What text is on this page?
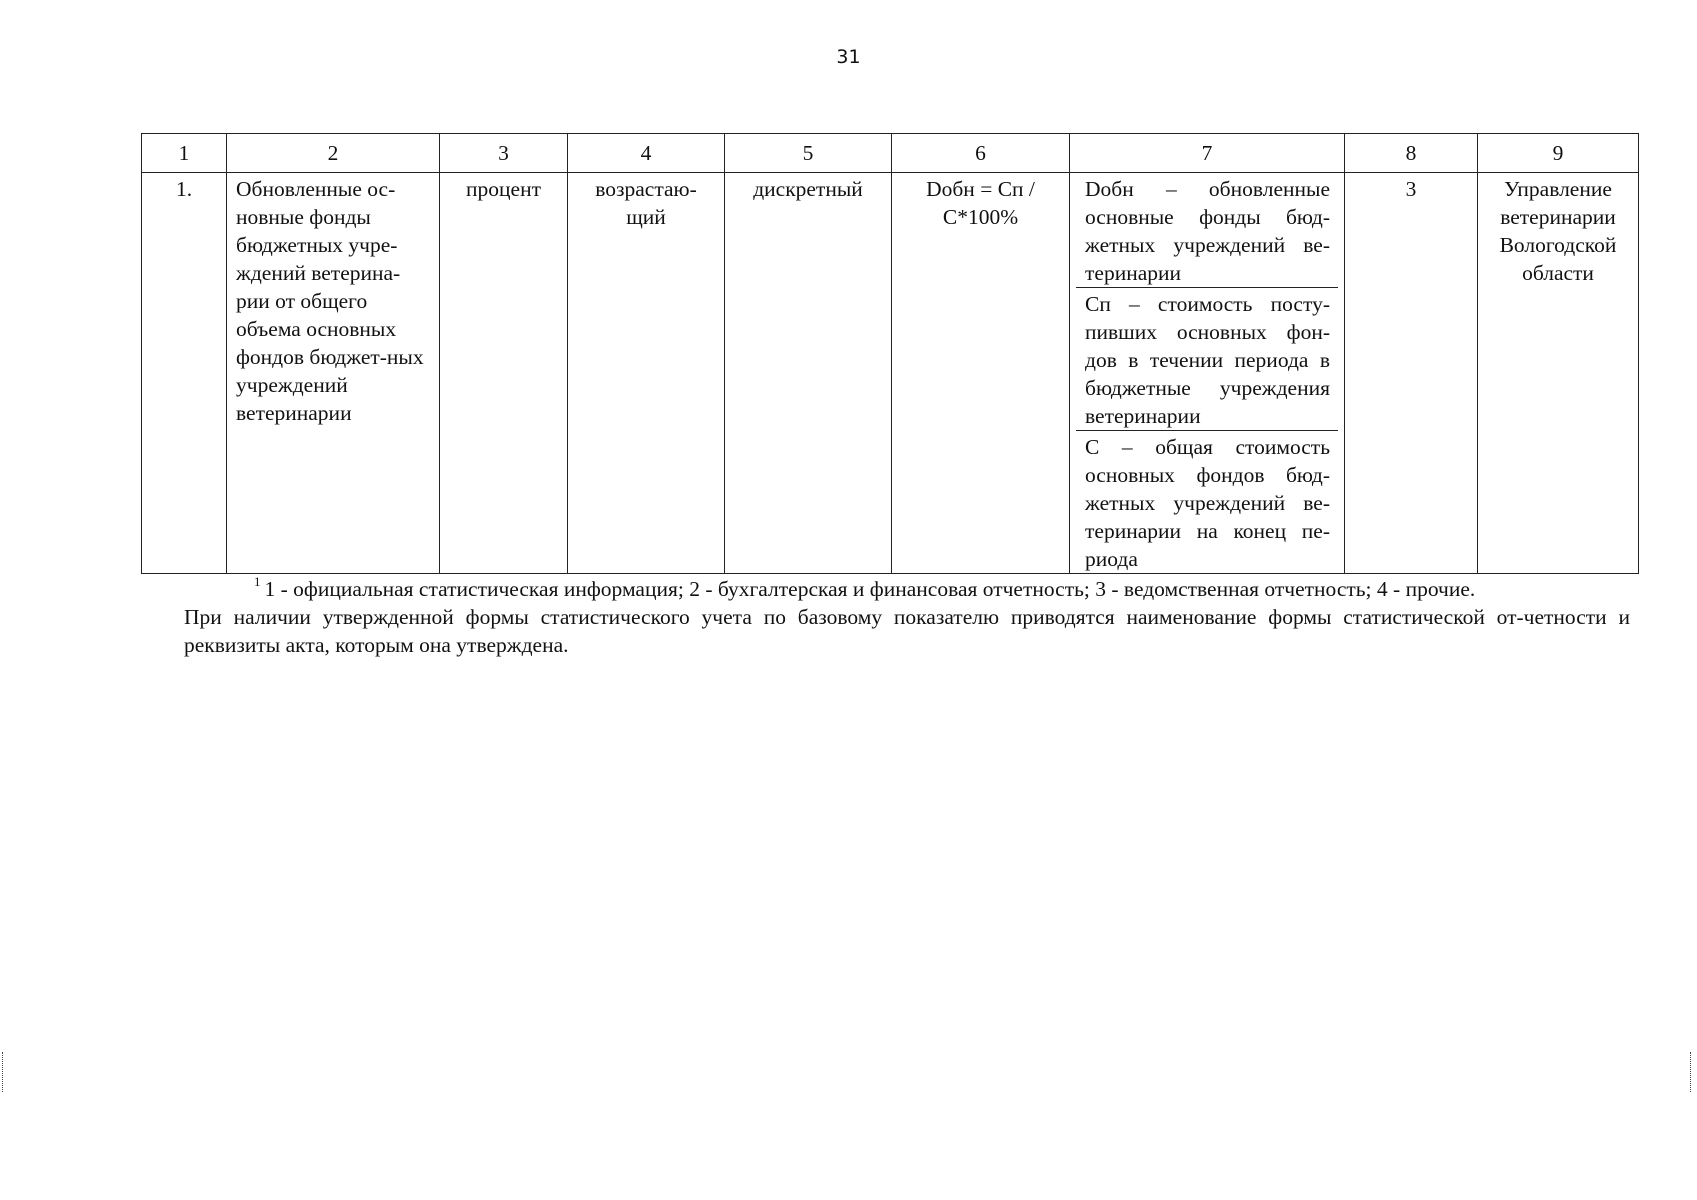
31
1	2	3	4	5	6	7	8	9
1.	Обновленные ос-новные фонды бюджетных учре-ждений ветерина-рии от общего объема основных фондов бюджет-ных учреждений ветеринарии	процент	возрастаю-щий	дискретный	Dобн = Сп / С*100%	Dобн – обновленные основные фонды бюд-жетных учреждений ве-теринарии
Сп – стоимость посту-пивших основных фон-дов в течении периода в бюджетные учреждения ветеринарии
С – общая стоимость основных фондов бюд-жетных учреждений ве-теринарии на конец пе-риода	3	Управление ветеринарии Вологодской области
$^1$ 1 - официальная статистическая информация; 2 - бухгалтерская и финансовая отчетность; 3 - ведомственная отчетность; 4 - прочие.
При наличии утвержденной формы статистического учета по базовому показателю приводятся наименование формы статистической от-четности и реквизиты акта, которым она утверждена.
